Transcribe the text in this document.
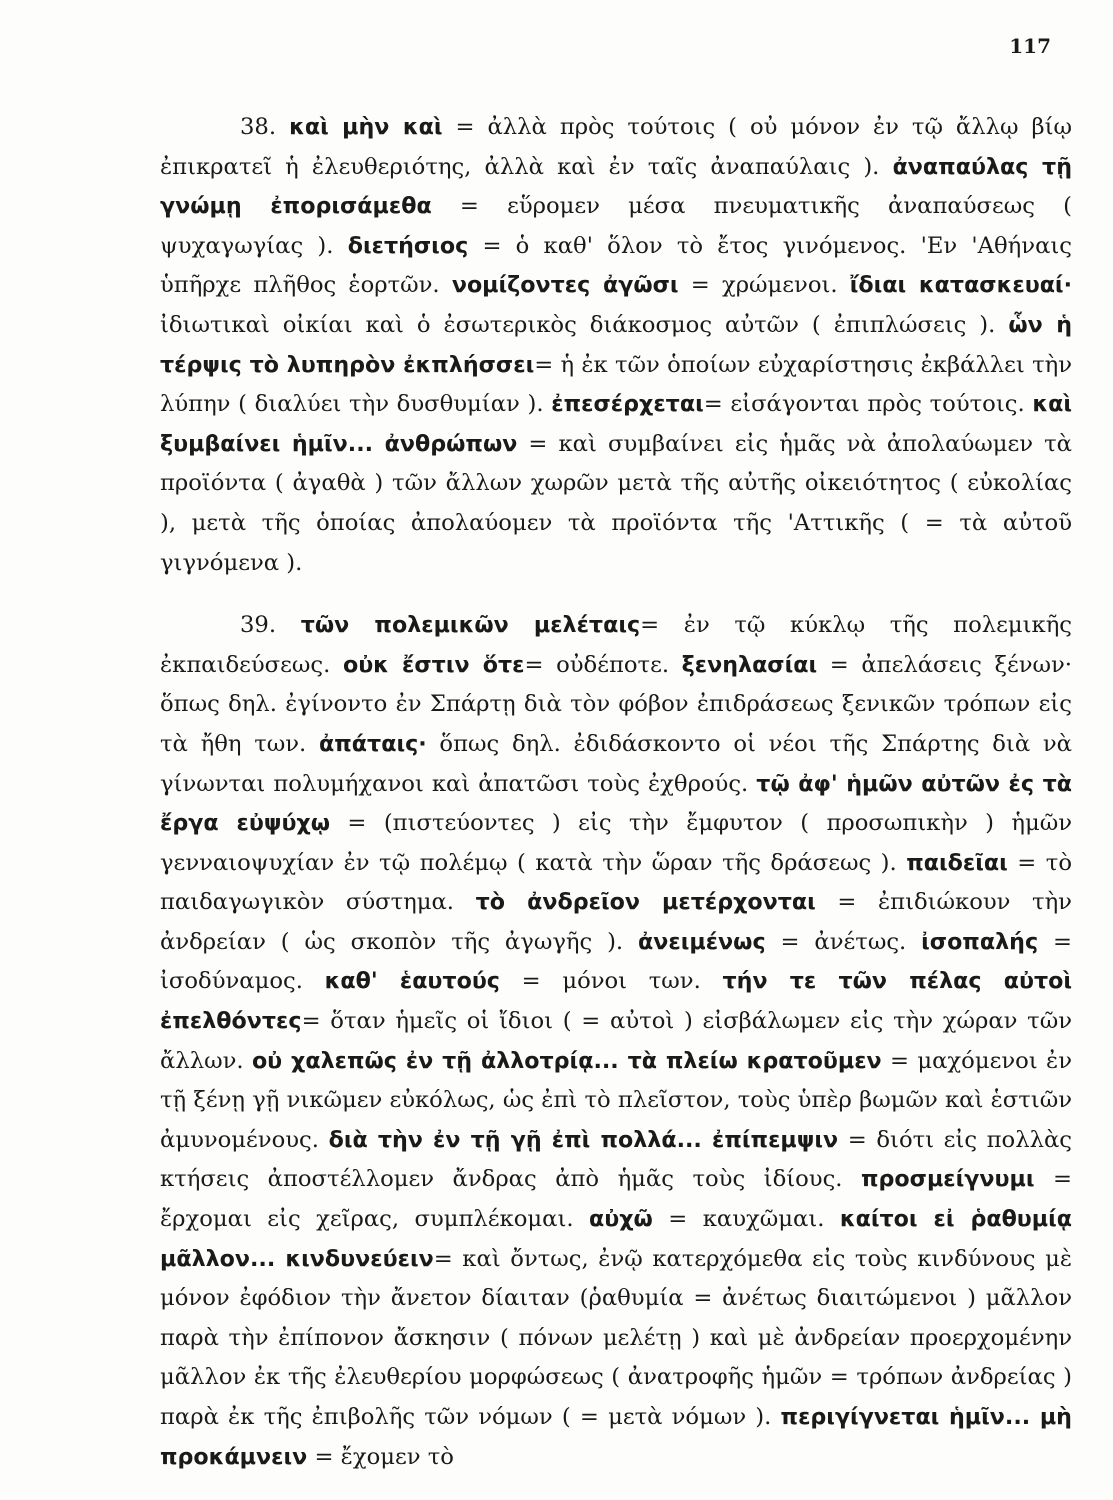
117

38. καὶ μὴν καὶ = ἀλλὰ πρὸς τούτοις ( οὐ μόνον ἐν τῷ ἄλλῳ βίῳ ἐπικρατεῖ ἡ ἐλευθεριότης, ἀλλὰ καὶ ἐν ταῖς ἀναπαύλαις ). ἀναπαύλας τῇ γνώμῃ ἐπορισάμεθα = εὕρομεν μέσα πνευματικῆς ἀναπαύσεως ( ψυχαγωγίας ). διετήσιος = ὁ καθ' ὅλον τὸ ἔτος γινόμενος. 'Εν 'Αθήναις ὑπῆρχε πλῆθος ἑορτῶν. νομίζοντες ἀγῶσι = χρώμενοι. ἴδιαι κατασκευαί· ἰδιωτικαὶ οἰκίαι καὶ ὁ ἐσωτερικὸς διάκοσμος αὐτῶν ( ἐπιπλώσεις ). ὧν ἡ τέρψις τὸ λυπηρὸν ἐκπλήσσει= ἡ ἐκ τῶν ὁποίων εὐχαρίστησις ἐκβάλλει τὴν λύπην ( διαλύει τὴν δυσθυμίαν ). ἐπεσέρχεται= εἰσάγονται πρὸς τούτοις. καὶ ξυμβαίνει ἡμῖν... ἀνθρώπων = καὶ συμβαίνει εἰς ἡμᾶς νὰ ἀπολαύωμεν τὰ προϊόντα ( ἀγαθὰ ) τῶν ἄλλων χωρῶν μετὰ τῆς αὐτῆς οἰκειότητος ( εὐκολίας ), μετὰ τῆς ὁποίας ἀπολαύομεν τὰ προϊόντα τῆς 'Αττικῆς ( = τὰ αὐτοῦ γιγνόμενα ).

39. τῶν πολεμικῶν μελέταις= ἐν τῷ κύκλῳ τῆς πολεμικῆς ἐκπαιδεύσεως. οὐκ ἔστιν ὅτε= οὐδέποτε. ξενηλασίαι = ἀπελάσεις ξένων· ὅπως δηλ. ἐγίνοντο ἐν Σπάρτῃ διὰ τὸν φόβον ἐπιδράσεως ξενικῶν τρόπων εἰς τὰ ἤθη των. ἀπάταις· ὅπως δηλ. ἐδιδάσκοντο οἱ νέοι τῆς Σπάρτης διὰ νὰ γίνωνται πολυμήχανοι καὶ ἀπατῶσι τοὺς ἐχθρούς. τῷ ἀφ' ἡμῶν αὐτῶν ἐς τὰ ἔργα εὐψύχῳ = (πιστεύοντες ) εἰς τὴν ἔμφυτον ( προσωπικὴν ) ἡμῶν γενναιοψυχίαν ἐν τῷ πολέμῳ ( κατὰ τὴν ὥραν τῆς δράσεως ). παιδεῖαι = τὸ παιδαγωγικὸν σύστημα. τὸ ἀνδρεῖον μετέρχονται = ἐπιδιώκουν τὴν ἀνδρείαν ( ὡς σκοπὸν τῆς ἀγωγῆς ). ἀνειμένως = ἀνέτως. ἰσοπαλής = ἰσοδύναμος. καθ' ἑαυτούς = μόνοι των. τήν τε τῶν πέλας αὐτοὶ ἐπελθόντες= ὅταν ἡμεῖς οἱ ἴδιοι ( = αὐτοὶ ) εἰσβάλωμεν εἰς τὴν χώραν τῶν ἄλλων. οὐ χαλεπῶς ἐν τῇ ἀλλοτρίᾳ... τὰ πλείω κρατοῦμεν = μαχόμενοι ἐν τῇ ξένῃ γῇ νικῶμεν εὐκόλως, ὡς ἐπὶ τὸ πλεῖστον, τοὺς ὑπὲρ βωμῶν καὶ ἑστιῶν ἀμυνομένους. διὰ τὴν ἐν τῇ γῇ ἐπὶ πολλά... ἐπίπεμψιν = διότι εἰς πολλὰς κτήσεις ἀποστέλλομεν ἄνδρας ἀπὸ ἡμᾶς τοὺς ἰδίους. προσμείγνυμι = ἔρχομαι εἰς χεῖρας, συμπλέκομαι. αὐχῶ = καυχῶμαι. καίτοι εἰ ῥαθυμίᾳ μᾶλλον... κινδυνεύειν= καὶ ὄντως, ἐνῷ κατερχόμεθα εἰς τοὺς κινδύνους μὲ μόνον ἐφόδιον τὴν ἄνετον δίαιταν (ῥαθυμία = ἀνέτως διαιτώμενοι ) μᾶλλον παρὰ τὴν ἐπίπονον ἄσκησιν ( πόνων μελέτῃ ) καὶ μὲ ἀνδρείαν προερχομένην μᾶλλον ἐκ τῆς ἐλευθερίου μορφώσεως ( ἀνατροφῆς ἡμῶν = τρόπων ἀνδρείας ) παρὰ ἐκ τῆς ἐπιβολῆς τῶν νόμων ( = μετὰ νόμων ). περιγίγνεται ἡμῖν... μὴ προκάμνειν = ἔχομεν τὸ
